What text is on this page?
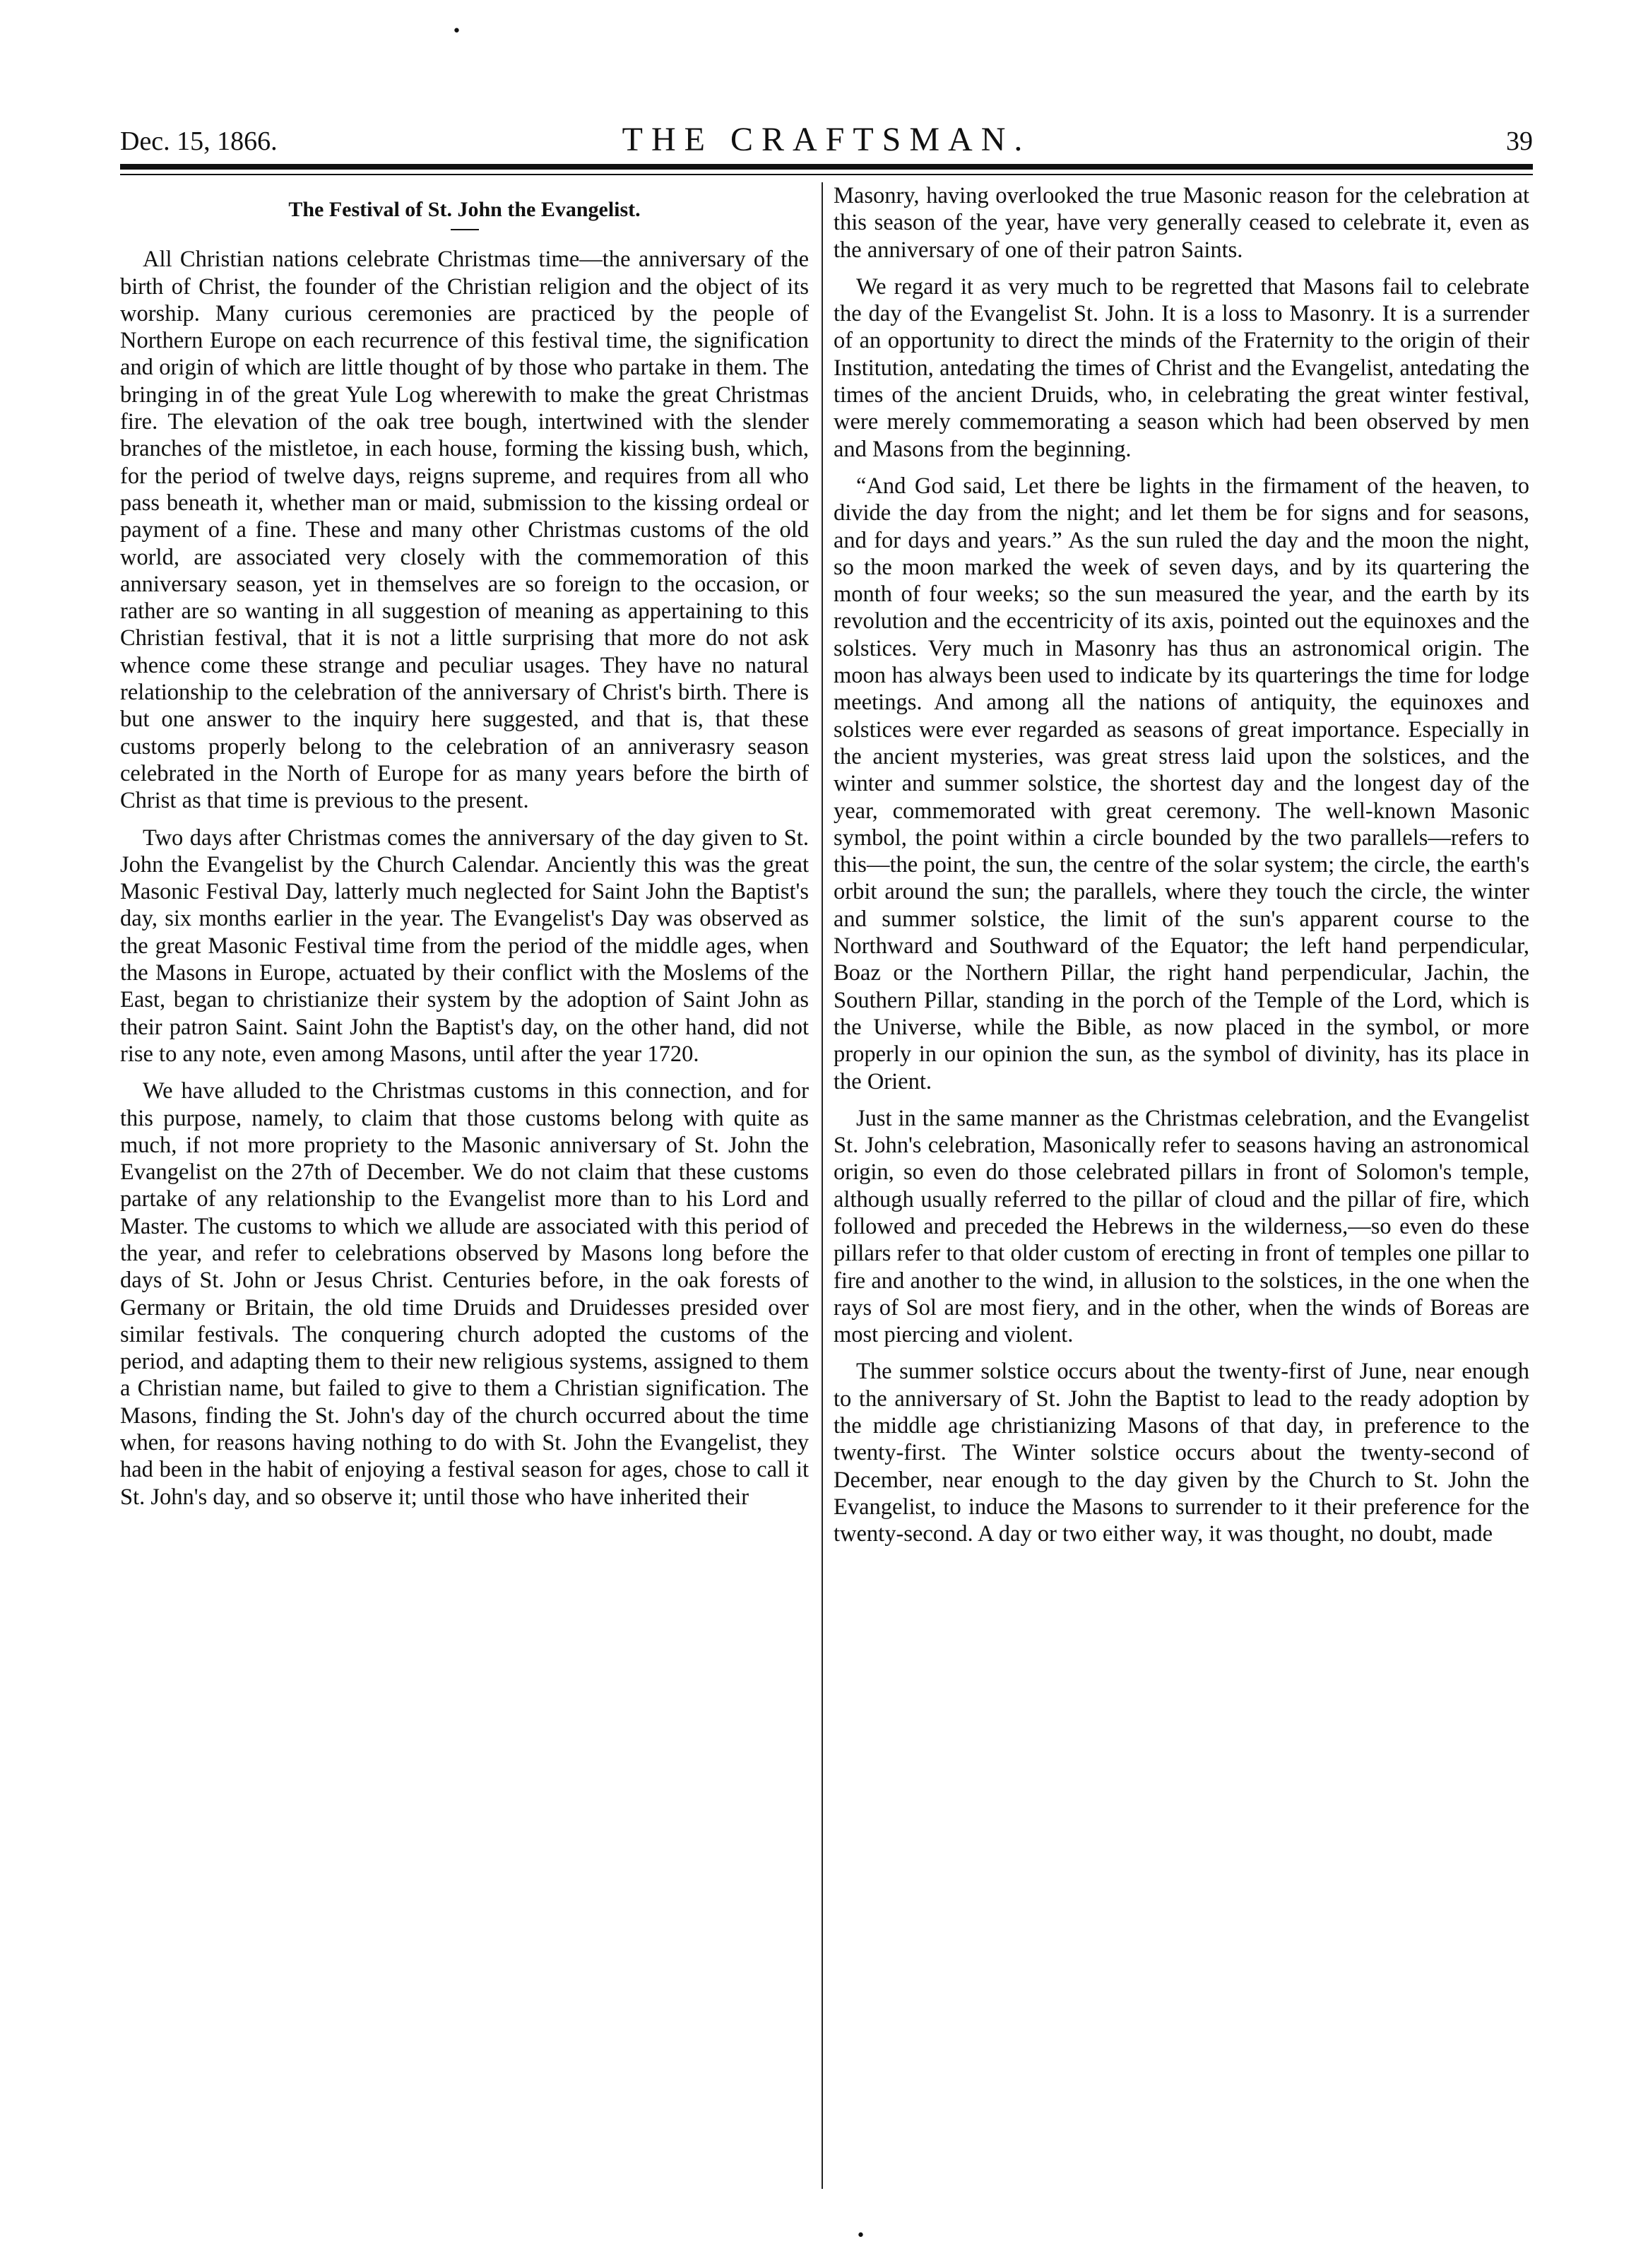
•
Dec. 15, 1866.	THE CRAFTSMAN.	39
The Festival of St. John the Evangelist.

All Christian nations celebrate Christmas time—the anniversary of the birth of Christ, the founder of the Christian religion and the object of its worship. Many curious ceremonies are practiced by the people of Northern Europe on each recurrence of this festival time, the signification and origin of which are little thought of by those who partake in them. The bringing in of the great Yule Log wherewith to make the great Christmas fire. The elevation of the oak tree bough, intertwined with the slender branches of the mistletoe, in each house, forming the kissing bush, which, for the period of twelve days, reigns supreme, and requires from all who pass beneath it, whether man or maid, submission to the kissing ordeal or payment of a fine. These and many other Christmas customs of the old world, are associated very closely with the commemoration of this anniversary season, yet in themselves are so foreign to the occasion, or rather are so wanting in all suggestion of meaning as appertaining to this Christian festival, that it is not a little surprising that more do not ask whence come these strange and peculiar usages. They have no natural relationship to the celebration of the anniversary of Christ's birth. There is but one answer to the inquiry here suggested, and that is, that these customs properly belong to the celebration of an anniverasry season celebrated in the North of Europe for as many years before the birth of Christ as that time is previous to the present.

Two days after Christmas comes the anniversary of the day given to St. John the Evangelist by the Church Calendar. Anciently this was the great Masonic Festival Day, latterly much neglected for Saint John the Baptist's day, six months earlier in the year. The Evangelist's Day was observed as the great Masonic Festival time from the period of the middle ages, when the Masons in Europe, actuated by their conflict with the Moslems of the East, began to christianize their system by the adoption of Saint John as their patron Saint. Saint John the Baptist's day, on the other hand, did not rise to any note, even among Masons, until after the year 1720.

We have alluded to the Christmas customs in this connection, and for this purpose, namely, to claim that those customs belong with quite as much, if not more propriety to the Masonic anniversary of St. John the Evangelist on the 27th of December. We do not claim that these customs partake of any relationship to the Evangelist more than to his Lord and Master. The customs to which we allude are associated with this period of the year, and refer to celebrations observed by Masons long before the days of St. John or Jesus Christ. Centuries before, in the oak forests of Germany or Britain, the old time Druids and Druidesses presided over similar festivals. The conquering church adopted the customs of the period, and adapting them to their new religious systems, assigned to them a Christian name, but failed to give to them a Christian signification. The Masons, finding the St. John's day of the church occurred about the time when, for reasons having nothing to do with St. John the Evangelist, they had been in the habit of enjoying a festival season for ages, chose to call it St. John's day, and so observe it; until those who have inherited their

Masonry, having overlooked the true Masonic reason for the celebration at this season of the year, have very generally ceased to celebrate it, even as the anniversary of one of their patron Saints.

We regard it as very much to be regretted that Masons fail to celebrate the day of the Evangelist St. John. It is a loss to Masonry. It is a surrender of an opportunity to direct the minds of the Fraternity to the origin of their Institution, antedating the times of Christ and the Evangelist, antedating the times of the ancient Druids, who, in celebrating the great winter festival, were merely commemorating a season which had been observed by men and Masons from the beginning.

“And God said, Let there be lights in the firmament of the heaven, to divide the day from the night; and let them be for signs and for seasons, and for days and years.” As the sun ruled the day and the moon the night, so the moon marked the week of seven days, and by its quartering the month of four weeks; so the sun measured the year, and the earth by its revolution and the eccentricity of its axis, pointed out the equinoxes and the solstices. Very much in Masonry has thus an astronomical origin. The moon has always been used to indicate by its quarterings the time for lodge meetings. And among all the nations of antiquity, the equinoxes and solstices were ever regarded as seasons of great importance. Especially in the ancient mysteries, was great stress laid upon the solstices, and the winter and summer solstice, the shortest day and the longest day of the year, commemorated with great ceremony. The well-known Masonic symbol, the point within a circle bounded by the two parallels—refers to this—the point, the sun, the centre of the solar system; the circle, the earth's orbit around the sun; the parallels, where they touch the circle, the winter and summer solstice, the limit of the sun's apparent course to the Northward and Southward of the Equator; the left hand perpendicular, Boaz or the Northern Pillar, the right hand perpendicular, Jachin, the Southern Pillar, standing in the porch of the Temple of the Lord, which is the Universe, while the Bible, as now placed in the symbol, or more properly in our opinion the sun, as the symbol of divinity, has its place in the Orient.

Just in the same manner as the Christmas celebration, and the Evangelist St. John's celebration, Masonically refer to seasons having an astronomical origin, so even do those celebrated pillars in front of Solomon's temple, although usually referred to the pillar of cloud and the pillar of fire, which followed and preceded the Hebrews in the wilderness,—so even do these pillars refer to that older custom of erecting in front of temples one pillar to fire and another to the wind, in allusion to the solstices, in the one when the rays of Sol are most fiery, and in the other, when the winds of Boreas are most piercing and violent.

The summer solstice occurs about the twenty-first of June, near enough to the anniversary of St. John the Baptist to lead to the ready adoption by the middle age christianizing Masons of that day, in preference to the twenty-first. The Winter solstice occurs about the twenty-second of December, near enough to the day given by the Church to St. John the Evangelist, to induce the Masons to surrender to it their preference for the twenty-second. A day or two either way, it was thought, no doubt, made

•
